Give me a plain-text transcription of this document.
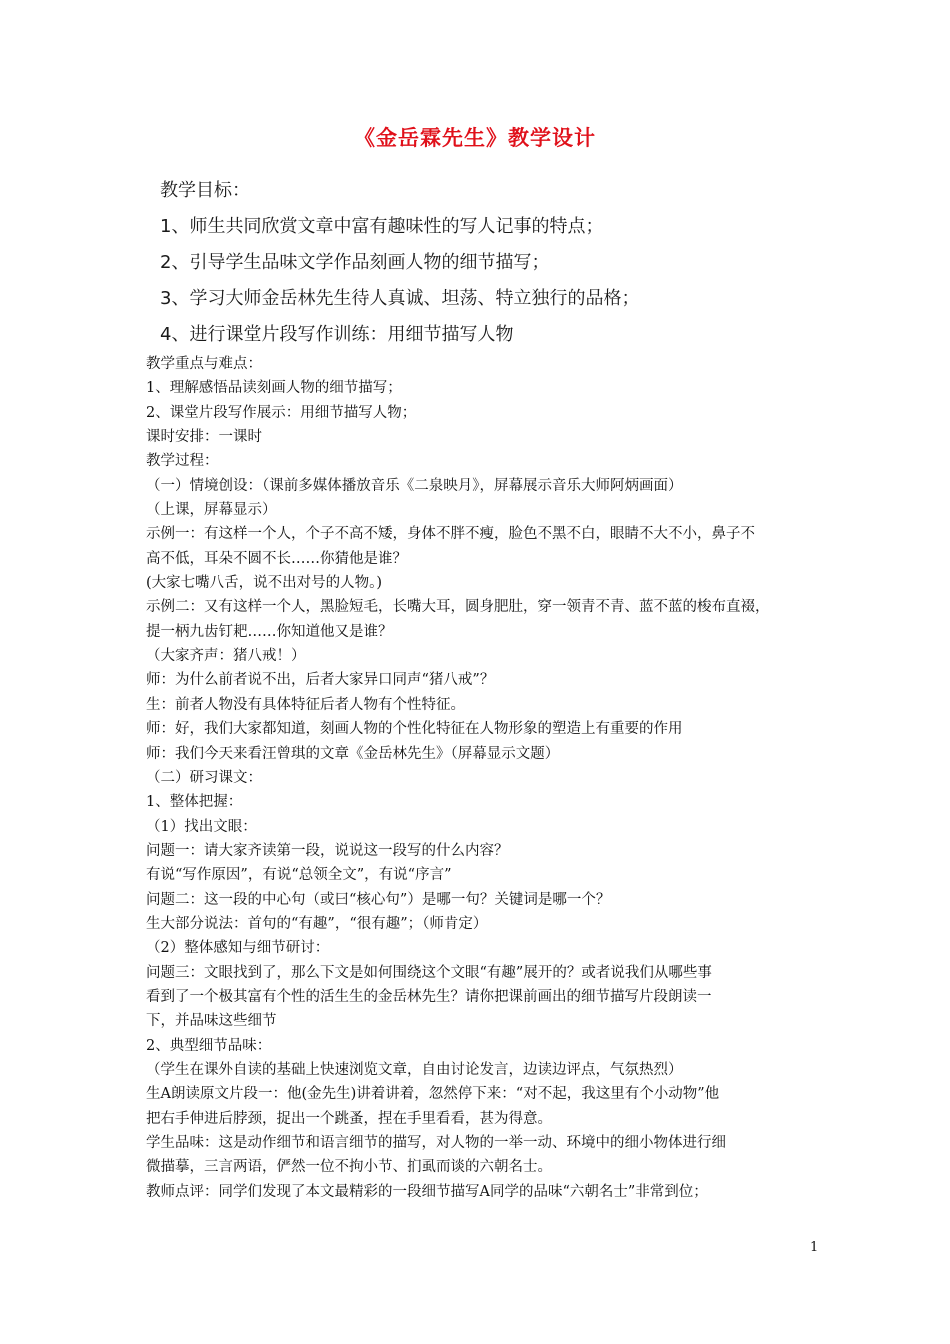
《金岳霖先生》教学设计
教学目标：
1、师生共同欣赏文章中富有趣味性的写人记事的特点；
2、引导学生品味文学作品刻画人物的细节描写；
3、学习大师金岳林先生待人真诚、坦荡、特立独行的品格；
4、进行课堂片段写作训练：用细节描写人物
教学重点与难点：
1、理解感悟品读刻画人物的细节描写；
2、课堂片段写作展示：用细节描写人物；
课时安排：一课时
教学过程：
（一）情境创设：（课前多媒体播放音乐《二泉映月》，屏幕展示音乐大师阿炳画面）
（上课，屏幕显示）
示例一：有这样一个人，个子不高不矮，身体不胖不瘦，脸色不黑不白，眼睛不大不小，鼻子不
高不低，耳朵不圆不长……你猜他是谁？
(大家七嘴八舌，说不出对号的人物。)
示例二：又有这样一个人，黑脸短毛，长嘴大耳，圆身肥肚，穿一领青不青、蓝不蓝的梭布直裰，
提一柄九齿钉耙……你知道他又是谁？
（大家齐声：猪八戒！）
师：为什么前者说不出，后者大家异口同声“猪八戒”？
生：前者人物没有具体特征后者人物有个性特征。
师：好，我们大家都知道，刻画人物的个性化特征在人物形象的塑造上有重要的作用
师：我们今天来看汪曾琪的文章《金岳林先生》（屏幕显示文题）
（二）研习课文：
1、整体把握：
（1）找出文眼：
问题一：请大家齐读第一段，说说这一段写的什么内容？
有说“写作原因”，有说“总领全文”，有说“序言”
问题二：这一段的中心句（或曰“核心句”）是哪一句？关键词是哪一个？
生大部分说法：首句的“有趣”，“很有趣”；（师肯定）
（2）整体感知与细节研讨：
问题三：文眼找到了，那么下文是如何围绕这个文眼“有趣”展开的？或者说我们从哪些事
看到了一个极其富有个性的活生生的金岳林先生？请你把课前画出的细节描写片段朗读一
下，并品味这些细节
2、典型细节品味：
（学生在课外自读的基础上快速浏览文章，自由讨论发言，边读边评点，气氛热烈）
生A朗读原文片段一：他(金先生)讲着讲着，忽然停下来：“对不起，我这里有个小动物”他
把右手伸进后脖颈，捉出一个跳蚤，捏在手里看看，甚为得意。
学生品味：这是动作细节和语言细节的描写，对人物的一举一动、环境中的细小物体进行细
微描摹，三言两语，俨然一位不拘小节、扪虱而谈的六朝名士。
教师点评：同学们发现了本文最精彩的一段细节描写A同学的品味“六朝名士”非常到位；
1
